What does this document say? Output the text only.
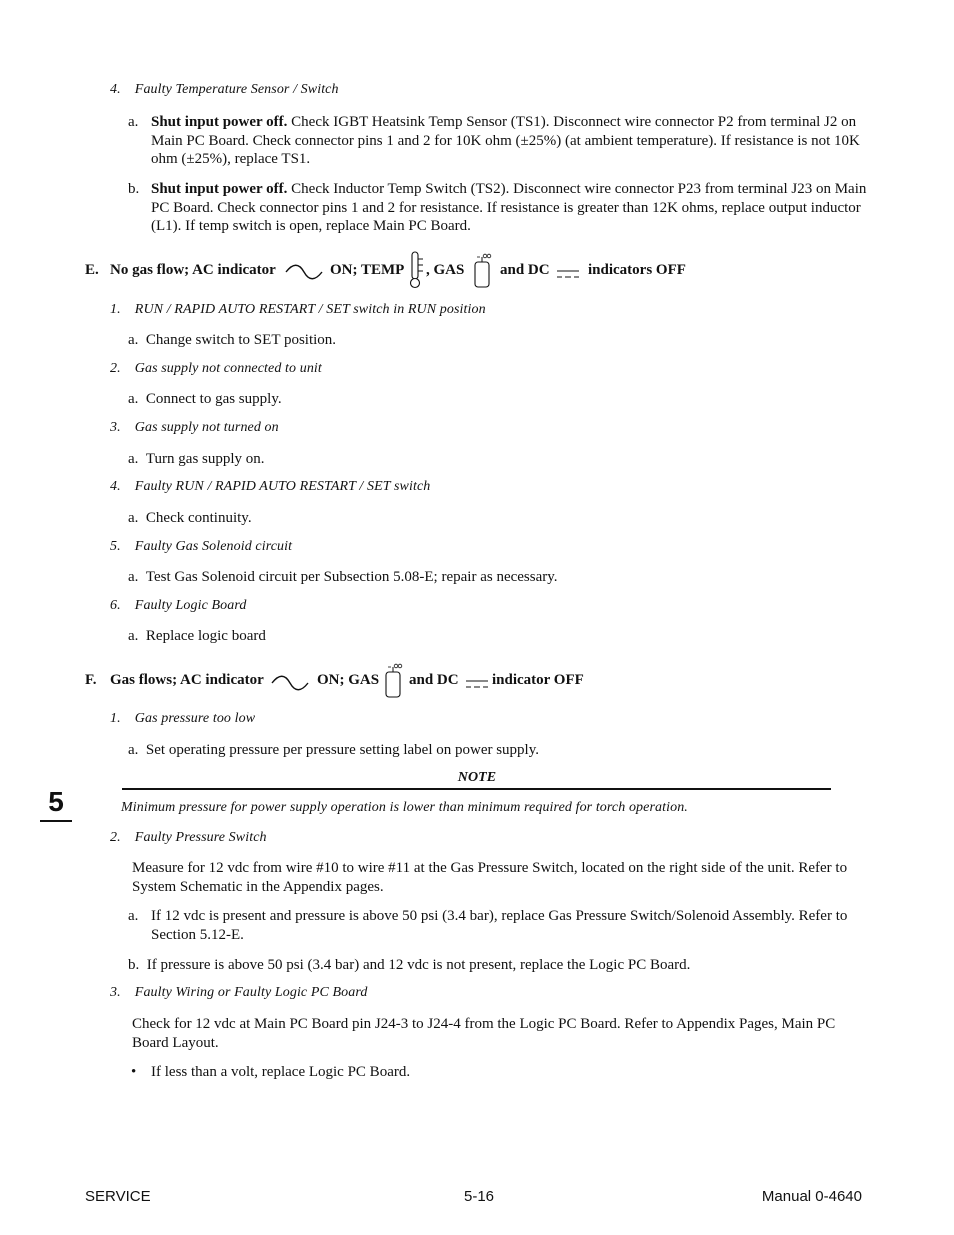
4. Faulty Temperature Sensor / Switch
a. Shut input power off. Check IGBT Heatsink Temp Sensor (TS1). Disconnect wire connector P2 from terminal J2 on Main PC Board. Check connector pins 1 and 2 for 10K ohm (±25%) (at ambient temperature). If resistance is not 10K ohm (±25%), replace TS1.
b. Shut input power off. Check Inductor Temp Switch (TS2). Disconnect wire connector P23 from terminal J23 on Main PC Board. Check connector pins 1 and 2 for resistance. If resistance is greater than 12K ohms, replace output inductor (L1). If temp switch is open, replace Main PC Board.
E. No gas flow; AC indicator	ON; TEMP , GAS and DC	indicators OFF
1. RUN / RAPID AUTO RESTART / SET switch in RUN position
a. Change switch to SET position.
2. Gas supply not connected to unit
a. Connect to gas supply.
3. Gas supply not turned on
a. Turn gas supply on.
4. Faulty RUN / RAPID AUTO RESTART / SET switch
a. Check continuity.
5. Faulty Gas Solenoid circuit
a. Test Gas Solenoid circuit per Subsection 5.08-E; repair as necessary.
6. Faulty Logic Board
a. Replace logic board
F. Gas flows; AC indicator	ON; GAS and DC indicator OFF
1. Gas pressure too low
a. Set operating pressure per pressure setting label on power supply.
NOTE
Minimum pressure for power supply operation is lower than minimum required for torch operation.
2. Faulty Pressure Switch
Measure for 12 vdc from wire #10 to wire #11 at the Gas Pressure Switch, located on the right side of the unit. Refer to System Schematic in the Appendix pages.
a. If 12 vdc is present and pressure is above 50 psi (3.4 bar), replace Gas Pressure Switch/Solenoid Assembly. Refer to Section 5.12-E.
b. If pressure is above 50 psi (3.4 bar) and 12 vdc is not present, replace the Logic PC Board.
3. Faulty Wiring or Faulty Logic PC Board
Check for 12 vdc at Main PC Board pin J24-3 to J24-4 from the Logic PC Board. Refer to Appendix Pages, Main PC Board Layout.
• If less than a volt, replace Logic PC Board.
5
SERVICE	5-16	Manual 0-4640
